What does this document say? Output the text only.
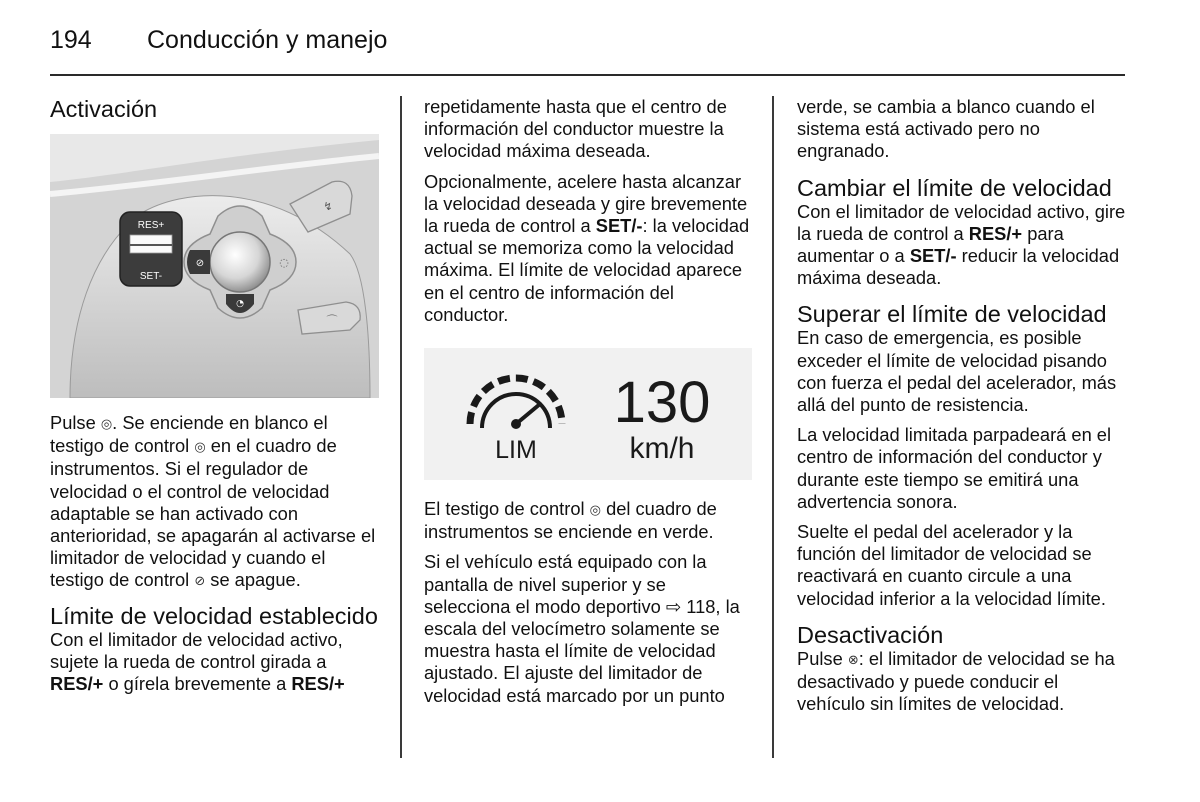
194 Conducción y manejo
Activación
RES+
SET-
⊘
◔
◌
↯
⌒

Pulse ◎. Se enciende en blanco el testigo de control ◎ en el cuadro de instrumentos. Si el regulador de velocidad o el control de velocidad adaptable se han activado con anterioridad, se apagarán al activarse el limitador de velocidad y cuando el testigo de control ⊘ se apague.

Límite de velocidad establecido

Con el limitador de velocidad activo, sujete la rueda de control girada a RES/+ o gírela brevemente a RES/+

repetidamente hasta que el centro de información del conductor muestre la velocidad máxima deseada.

Opcionalmente, acelere hasta alcanzar la velocidad deseada y gire brevemente la rueda de control a SET/-: la velocidad actual se memoriza como la velocidad máxima. El límite de velocidad aparece en el centro de información del conductor.

LIM
130
km/h

El testigo de control ◎ del cuadro de instrumentos se enciende en verde.

Si el vehículo está equipado con la pantalla de nivel superior y se selecciona el modo deportivo ⇨ 118, la escala del velocímetro solamente se muestra hasta el límite de velocidad ajustado. El ajuste del limitador de velocidad está marcado por un punto

verde, se cambia a blanco cuando el sistema está activado pero no engranado.

Cambiar el límite de velocidad

Con el limitador de velocidad activo, gire la rueda de control a RES/+ para aumentar o a SET/- reducir la velocidad máxima deseada.

Superar el límite de velocidad

En caso de emergencia, es posible exceder el límite de velocidad pisando con fuerza el pedal del acelerador, más allá del punto de resistencia.

La velocidad limitada parpadeará en el centro de información del conductor y durante este tiempo se emitirá una advertencia sonora.

Suelte el pedal del acelerador y la función del limitador de velocidad se reactivará en cuanto circule a una velocidad inferior a la velocidad límite.

Desactivación

Pulse ⊗: el limitador de velocidad se ha desactivado y puede conducir el vehículo sin límites de velocidad.
